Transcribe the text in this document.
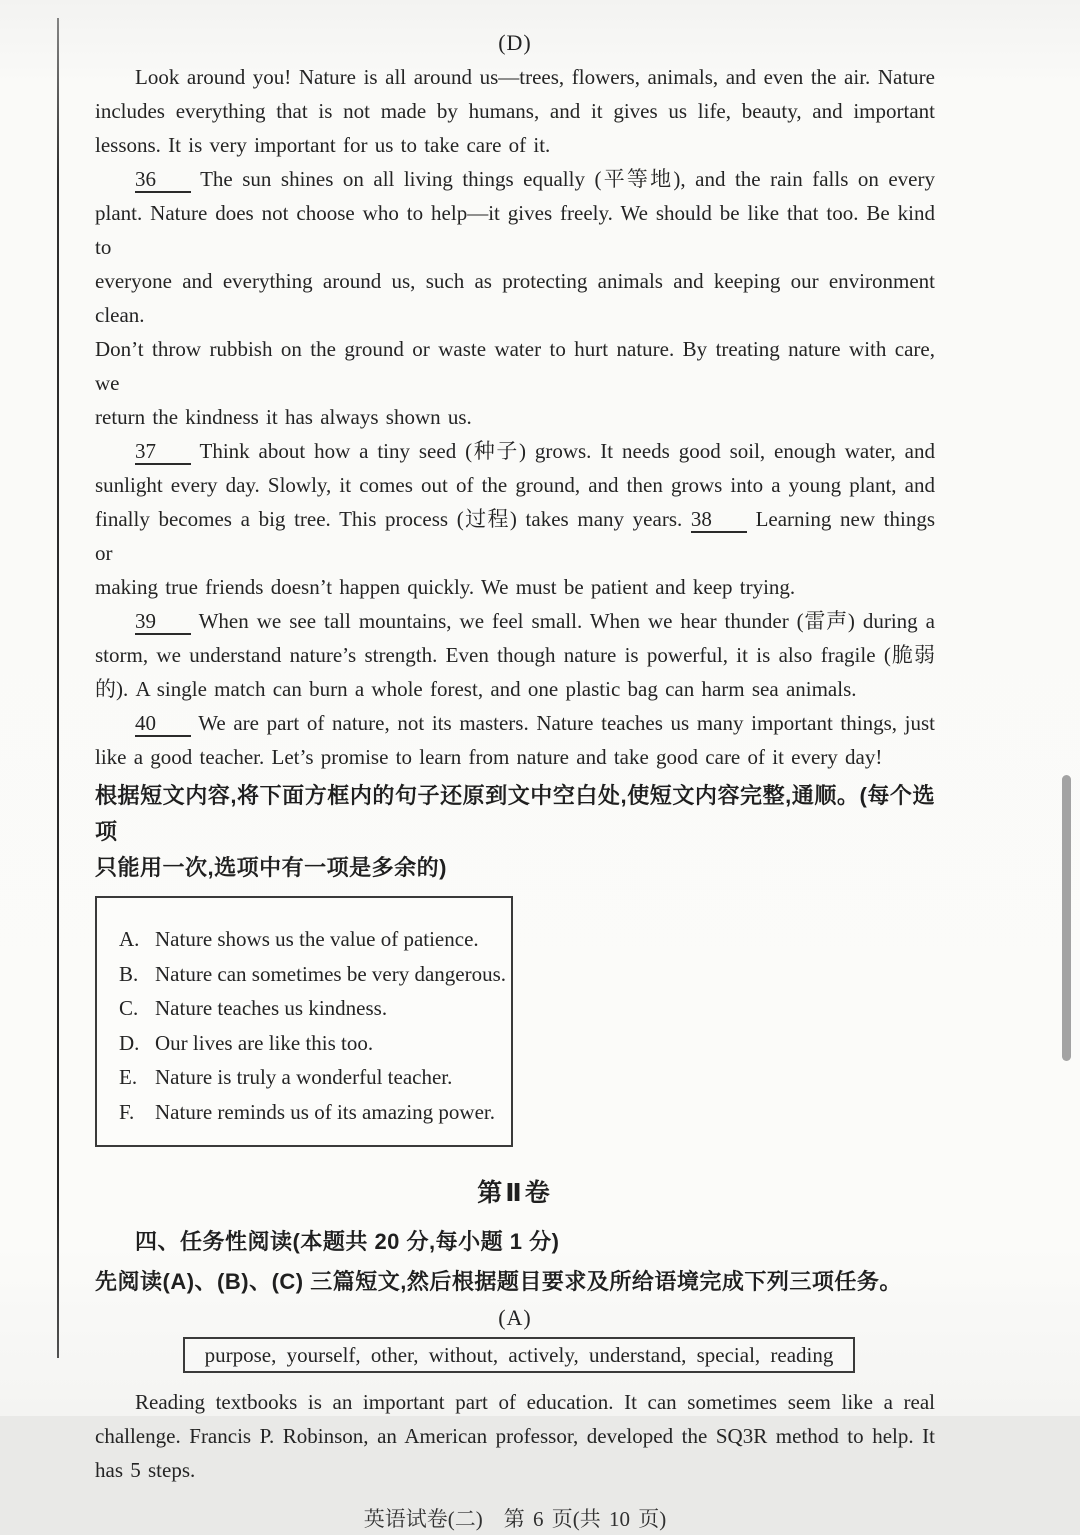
(D)
Look around you! Nature is all around us—trees, flowers, animals, and even the air. Nature
includes everything that is not made by humans, and it gives us life, beauty, and important
lessons. It is very important for us to take care of it.
36 The sun shines on all living things equally (平等地), and the rain falls on every
plant. Nature does not choose who to help—it gives freely. We should be like that too. Be kind to
everyone and everything around us, such as protecting animals and keeping our environment clean.
Don’t throw rubbish on the ground or waste water to hurt nature. By treating nature with care, we
return the kindness it has always shown us.
37 Think about how a tiny seed (种子) grows. It needs good soil, enough water, and
sunlight every day. Slowly, it comes out of the ground, and then grows into a young plant, and
finally becomes a big tree. This process (过程) takes many years. 38 Learning new things or
making true friends doesn’t happen quickly. We must be patient and keep trying.
39 When we see tall mountains, we feel small. When we hear thunder (雷声) during a
storm, we understand nature’s strength. Even though nature is powerful, it is also fragile (脆弱
的). A single match can burn a whole forest, and one plastic bag can harm sea animals.
40 We are part of nature, not its masters. Nature teaches us many important things, just
like a good teacher. Let’s promise to learn from nature and take good care of it every day!
根据短文内容,将下面方框内的句子还原到文中空白处,使短文内容完整,通顺。(每个选项
只能用一次,选项中有一项是多余的)
A. Nature shows us the value of patience.
B. Nature can sometimes be very dangerous.
C. Nature teaches us kindness.
D. Our lives are like this too.
E. Nature is truly a wonderful teacher.
F. Nature reminds us of its amazing power.
第Ⅱ卷
四、任务性阅读(本题共 20 分,每小题 1 分)
先阅读(A)、(B)、(C) 三篇短文,然后根据题目要求及所给语境完成下列三项任务。
(A)
purpose, yourself, other, without, actively, understand, special, reading
Reading textbooks is an important part of education. It can sometimes seem like a real
challenge. Francis P. Robinson, an American professor, developed the SQ3R method to help. It
has 5 steps.
英语试卷(二)　第 6 页(共 10 页)
